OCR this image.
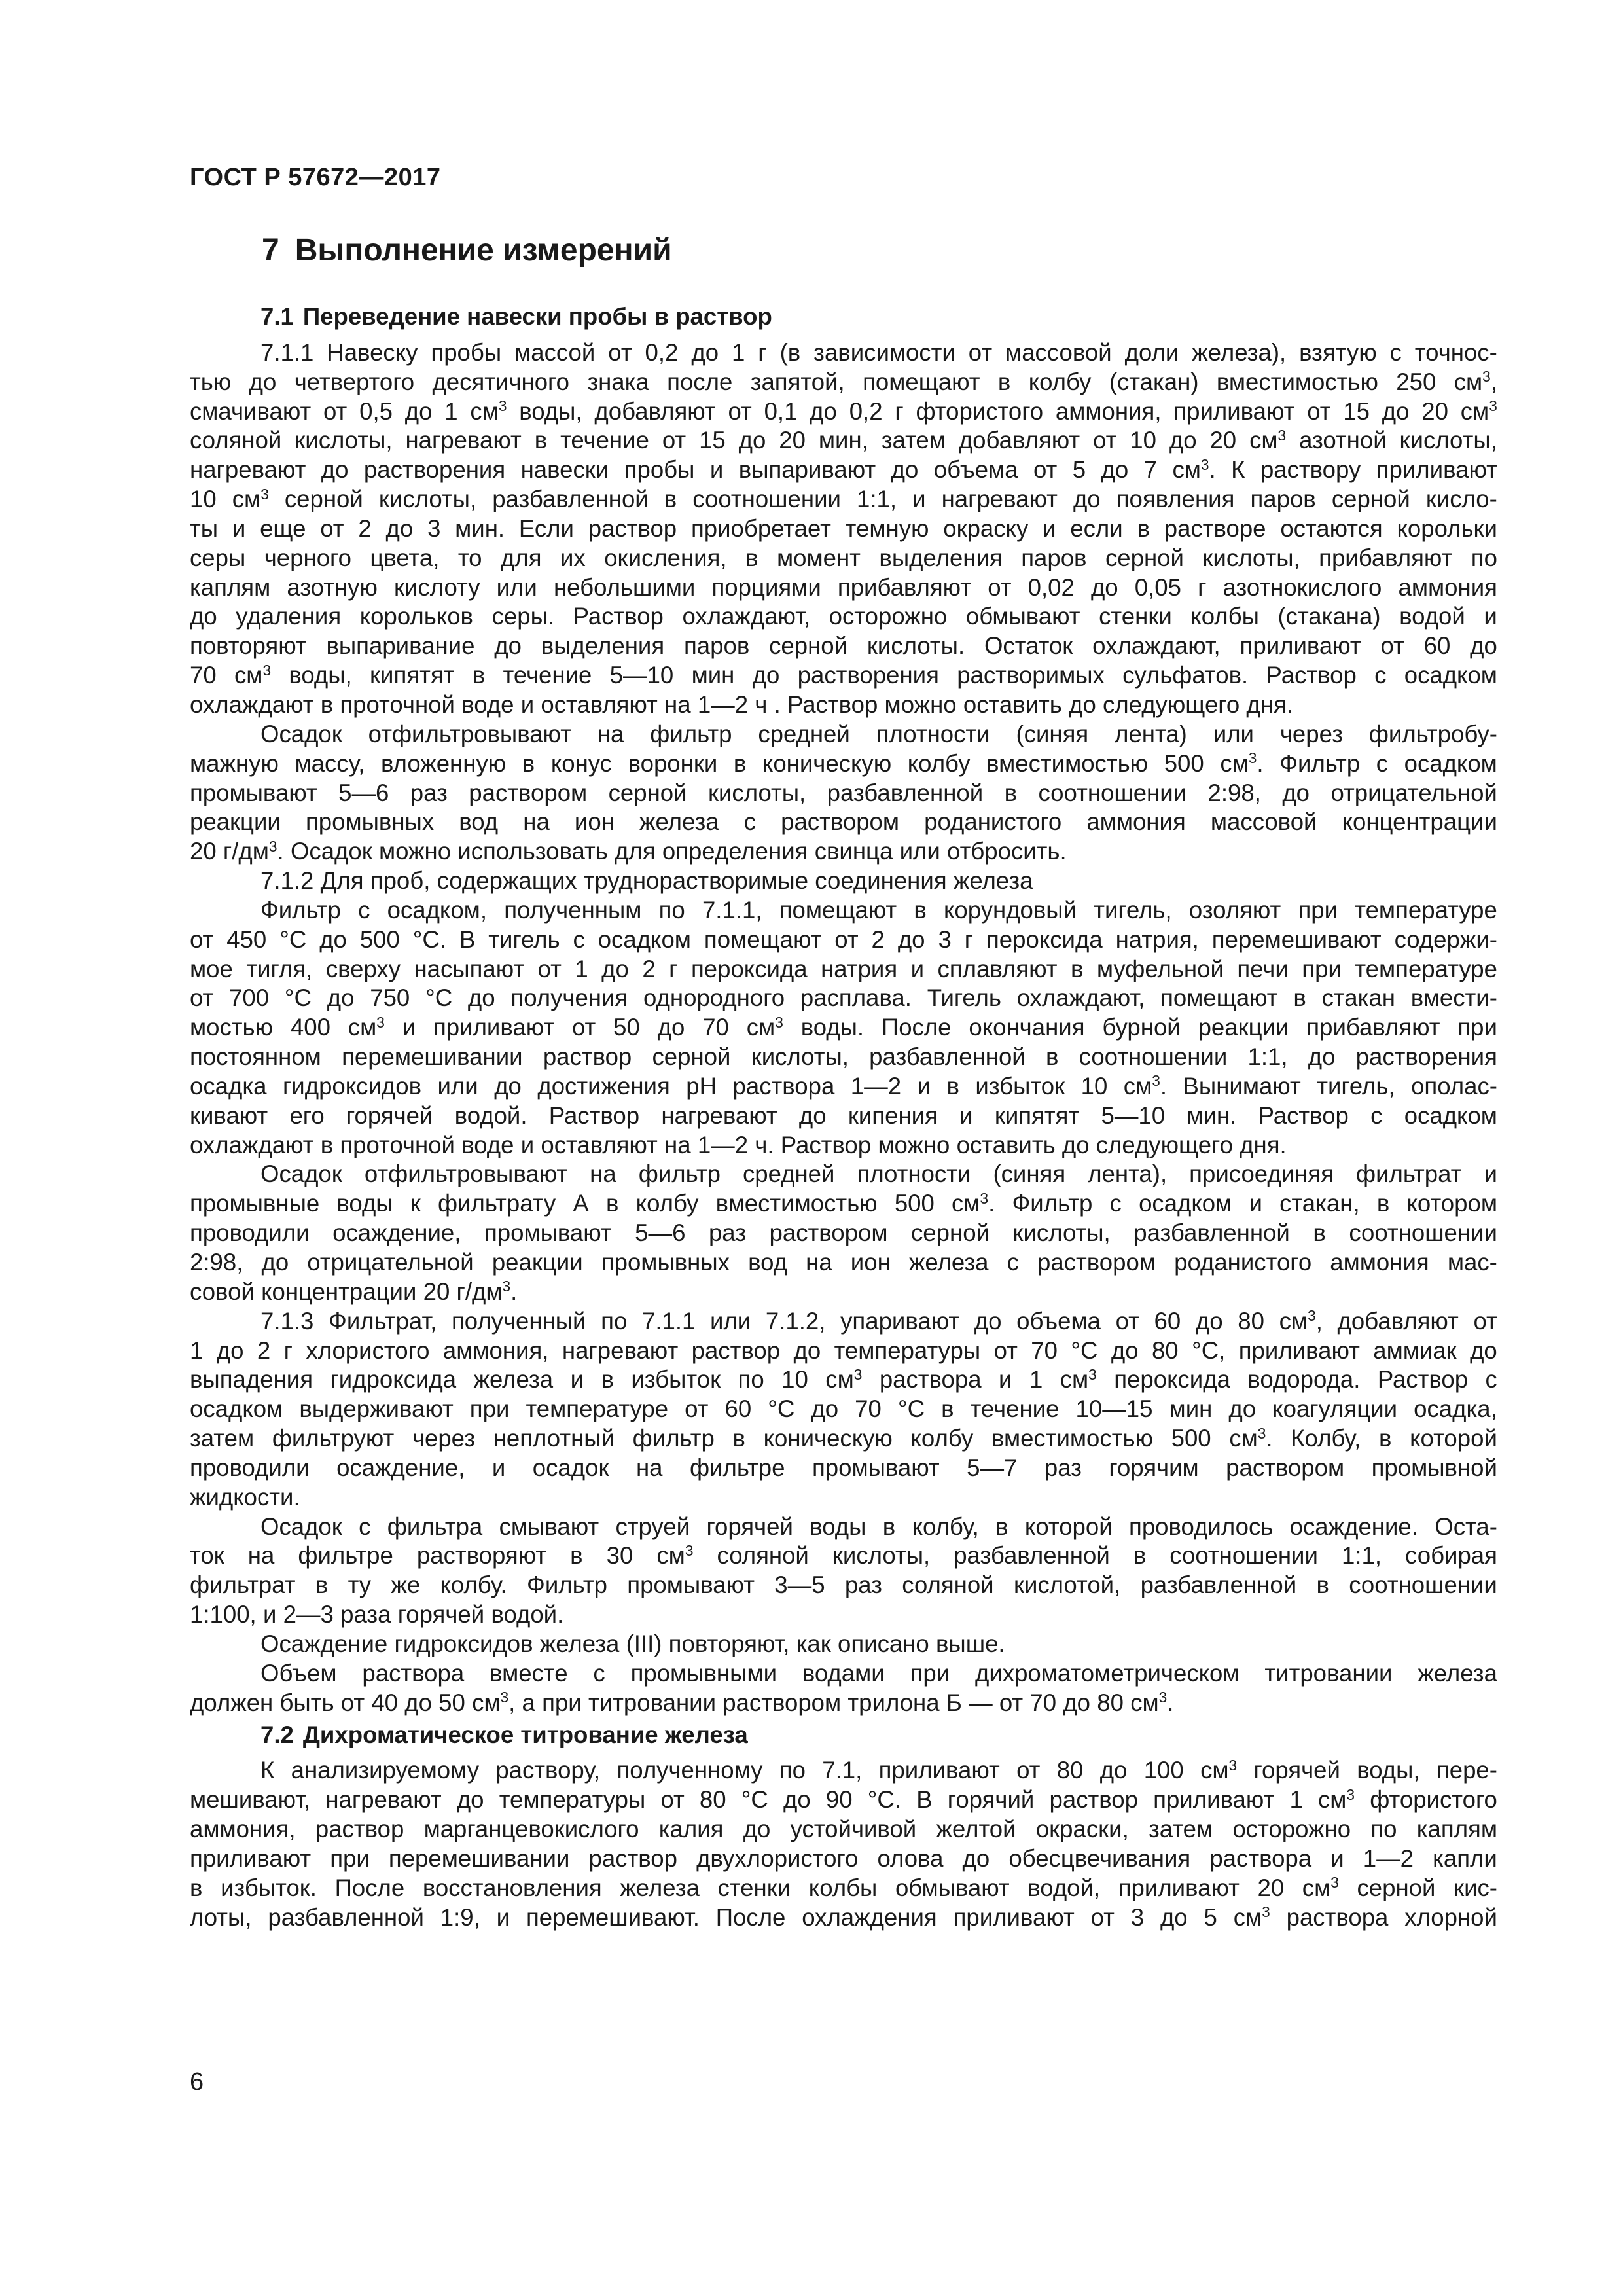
ГОСТ Р 57672—2017
7 Выполнение измерений
7.1 Переведение навески пробы в раствор
7.1.1 Навеску пробы массой от 0,2 до 1 г (в зависимости от массовой доли железа), взятую с точнос-
тью до четвертого десятичного знака после запятой, помещают в колбу (стакан) вместимостью 250 $см^3$,
смачивают от 0,5 до 1 $см^3$ воды, добавляют от 0,1 до 0,2 г фтористого аммония, приливают от 15 до 20 $см^3$
соляной кислоты, нагревают в течение от 15 до 20 мин, затем добавляют от 10 до 20 $см^3$ азотной кислоты,
нагревают до растворения навески пробы и выпаривают до объема от 5 до 7 $см^3$. К раствору приливают
10 $см^3$ серной кислоты, разбавленной в соотношении 1:1, и нагревают до появления паров серной кисло-
ты и еще от 2 до 3 мин. Если раствор приобретает темную окраску и если в растворе остаются корольки
серы черного цвета, то для их окисления, в момент выделения паров серной кислоты, прибавляют по
каплям азотную кислоту или небольшими порциями прибавляют от 0,02 до 0,05 г азотнокислого аммония
до удаления корольков серы. Раствор охлаждают, осторожно обмывают стенки колбы (стакана) водой и
повторяют выпаривание до выделения паров серной кислоты. Остаток охлаждают, приливают от 60 до
70 $см^3$ воды, кипятят в течение 5—10 мин до растворения растворимых сульфатов. Раствор с осадком
охлаждают в проточной воде и оставляют на 1—2 ч . Раствор можно оставить до следующего дня.
Осадок отфильтровывают на фильтр средней плотности (синяя лента) или через фильтробу-
мажную массу, вложенную в конус воронки в коническую колбу вместимостью 500 $см^3$. Фильтр с осадком
промывают 5—6 раз раствором серной кислоты, разбавленной в соотношении 2:98, до отрицательной
реакции промывных вод на ион железа с раствором роданистого аммония массовой концентрации
20 $г/дм^3$. Осадок можно использовать для определения свинца или отбросить.
7.1.2 Для проб, содержащих труднорастворимые соединения железа
Фильтр с осадком, полученным по 7.1.1, помещают в корундовый тигель, озоляют при температуре
от 450 °С до 500 °С. В тигель с осадком помещают от 2 до 3 г пероксида натрия, перемешивают содержи-
мое тигля, сверху насыпают от 1 до 2 г пероксида натрия и сплавляют в муфельной печи при температуре
от 700 °С до 750 °С до получения однородного расплава. Тигель охлаждают, помещают в стакан вмести-
мостью 400 $см^3$ и приливают от 50 до 70 $см^3$ воды. После окончания бурной реакции прибавляют при
постоянном перемешивании раствор серной кислоты, разбавленной в соотношении 1:1, до растворения
осадка гидроксидов или до достижения рН раствора 1—2 и в избыток 10 $см^3$. Вынимают тигель, ополас-
кивают его горячей водой. Раствор нагревают до кипения и кипятят 5—10 мин. Раствор с осадком
охлаждают в проточной воде и оставляют на 1—2 ч. Раствор можно оставить до следующего дня.
Осадок отфильтровывают на фильтр средней плотности (синяя лента), присоединяя фильтрат и
промывные воды к фильтрату А в колбу вместимостью 500 $см^3$. Фильтр с осадком и стакан, в котором
проводили осаждение, промывают 5—6 раз раствором серной кислоты, разбавленной в соотношении
2:98, до отрицательной реакции промывных вод на ион железа с раствором роданистого аммония мас-
совой концентрации 20 $г/дм^3$.
7.1.3 Фильтрат, полученный по 7.1.1 или 7.1.2, упаривают до объема от 60 до 80 $см^3$, добавляют от
1 до 2 г хлористого аммония, нагревают раствор до температуры от 70 °С до 80 °С, приливают аммиак до
выпадения гидроксида железа и в избыток по 10 $см^3$ раствора и 1 $см^3$ пероксида водорода. Раствор с
осадком выдерживают при температуре от 60 °С до 70 °С в течение 10—15 мин до коагуляции осадка,
затем фильтруют через неплотный фильтр в коническую колбу вместимостью 500 $см^3$. Колбу, в которой
проводили осаждение, и осадок на фильтре промывают 5—7 раз горячим раствором промывной
жидкости.
Осадок с фильтра смывают струей горячей воды в колбу, в которой проводилось осаждение. Оста-
ток на фильтре растворяют в 30 $см^3$ соляной кислоты, разбавленной в соотношении 1:1, собирая
фильтрат в ту же колбу. Фильтр промывают 3—5 раз соляной кислотой, разбавленной в соотношении
1:100, и 2—3 раза горячей водой.
Осаждение гидроксидов железа (III) повторяют, как описано выше.
Объем раствора вместе с промывными водами при дихроматометрическом титровании железа
должен быть от 40 до 50 $см^3$, а при титровании раствором трилона Б — от 70 до 80 $см^3$.
7.2 Дихроматическое титрование железа
К анализируемому раствору, полученному по 7.1, приливают от 80 до 100 $см^3$ горячей воды, пере-
мешивают, нагревают до температуры от 80 °С до 90 °С. В горячий раствор приливают 1 $см^3$ фтористого
аммония, раствор марганцевокислого калия до устойчивой желтой окраски, затем осторожно по каплям
приливают при перемешивании раствор двухлористого олова до обесцвечивания раствора и 1—2 капли
в избыток. После восстановления железа стенки колбы обмывают водой, приливают 20 $см^3$ серной кис-
лоты, разбавленной 1:9, и перемешивают. После охлаждения приливают от 3 до 5 $см^3$ раствора хлорной
6
